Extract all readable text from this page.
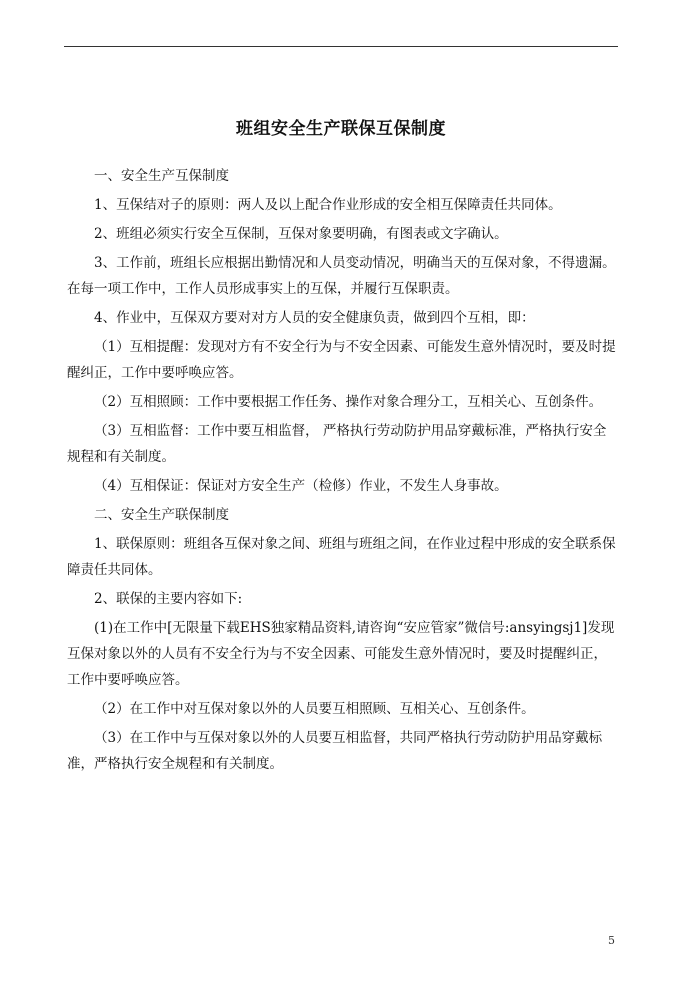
班组安全生产联保互保制度

一、安全生产互保制度

1、互保结对子的原则：两人及以上配合作业形成的安全相互保障责任共同体。

2、班组必须实行安全互保制，互保对象要明确，有图表或文字确认。

3、工作前，班组长应根据出勤情况和人员变动情况，明确当天的互保对象，不得遗漏。在每一项工作中，工作人员形成事实上的互保，并履行互保职责。

4、作业中，互保双方要对对方人员的安全健康负责，做到四个互相，即：

（1）互相提醒：发现对方有不安全行为与不安全因素、可能发生意外情况时，要及时提醒纠正，工作中要呼唤应答。

（2）互相照顾：工作中要根据工作任务、操作对象合理分工，互相关心、互创条件。

（3）互相监督：工作中要互相监督， 严格执行劳动防护用品穿戴标准，严格执行安全规程和有关制度。

（4）互相保证：保证对方安全生产（检修）作业，不发生人身事故。

二、安全生产联保制度

1、联保原则：班组各互保对象之间、班组与班组之间，在作业过程中形成的安全联系保障责任共同体。

2、联保的主要内容如下:

(1)在工作中[无限量下载EHS独家精品资料,请咨询“安应管家”微信号:ansyingsj1]发现互保对象以外的人员有不安全行为与不安全因素、可能发生意外情况时，要及时提醒纠正，工作中要呼唤应答。

（2）在工作中对互保对象以外的人员要互相照顾、互相关心、互创条件。

（3）在工作中与互保对象以外的人员要互相监督，共同严格执行劳动防护用品穿戴标准，严格执行安全规程和有关制度。

5
